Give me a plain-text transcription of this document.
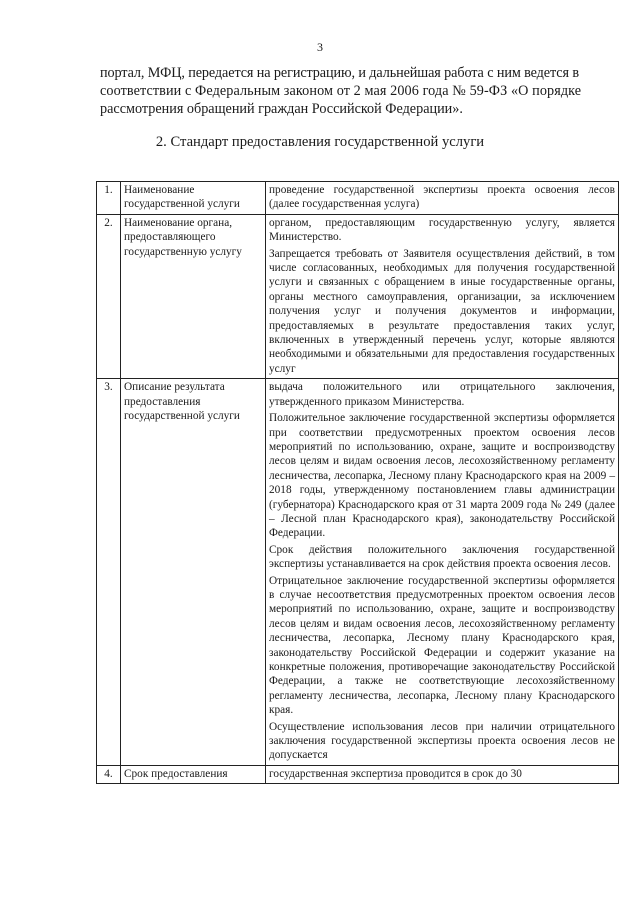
3
портал, МФЦ, передается на регистрацию, и дальнейшая работа с ним ведется в
соответствии с Федеральным законом от 2 мая 2006 года № 59-ФЗ «О порядке
рассмотрения обращений граждан Российской Федерации».
2. Стандарт предоставления государственной услуги
1.	Наименование государственной услуги	проведение государственной экспертизы проекта освоения лесов (далее государственная услуга)

2.	Наименование органа, предоставляющего государственную услугу	органом, предоставляющим государственную услугу, является Министерство.

Запрещается требовать от Заявителя осуществления действий, в том числе согласованных, необходимых для получения государственной услуги и связанных с обращением в иные государственные органы, органы местного самоуправления, организации, за исключением получения услуг и получения документов и информации, предоставляемых в результате предоставления таких услуг, включенных в утвержденный перечень услуг, которые являются необходимыми и обязательными для предоставления государственных услуг

3.	Описание результата предоставления государственной услуги	выдача положительного или отрицательного заключения, утвержденного приказом Министерства.

Положительное заключение государственной экспертизы оформляется при соответствии предусмотренных проектом освоения лесов мероприятий по использованию, охране, защите и воспроизводству лесов целям и видам освоения лесов, лесохозяйственному регламенту лесничества, лесопарка, Лесному плану Краснодарского края на 2009 – 2018 годы, утвержденному постановлением главы администрации (губернатора) Краснодарского края от 31 марта 2009 года № 249 (далее – Лесной план Краснодарского края), законодательству Российской Федерации.

Срок действия положительного заключения государственной экспертизы устанавливается на срок действия проекта освоения лесов.

Отрицательное заключение государственной экспертизы оформляется в случае несоответствия предусмотренных проектом освоения лесов мероприятий по использованию, охране, защите и воспроизводству лесов целям и видам освоения лесов, лесохозяйственному регламенту лесничества, лесопарка, Лесному плану Краснодарского края, законодательству Российской Федерации и содержит указание на конкретные положения, противоречащие законодательству Российской Федерации, а также не соответствующие лесохозяйственному регламенту лесничества, лесопарка, Лесному плану Краснодарского края.

Осуществление использования лесов при наличии отрицательного заключения государственной экспертизы проекта освоения лесов не допускается

4.	Срок предоставления	государственная экспертиза проводится в срок до 30
